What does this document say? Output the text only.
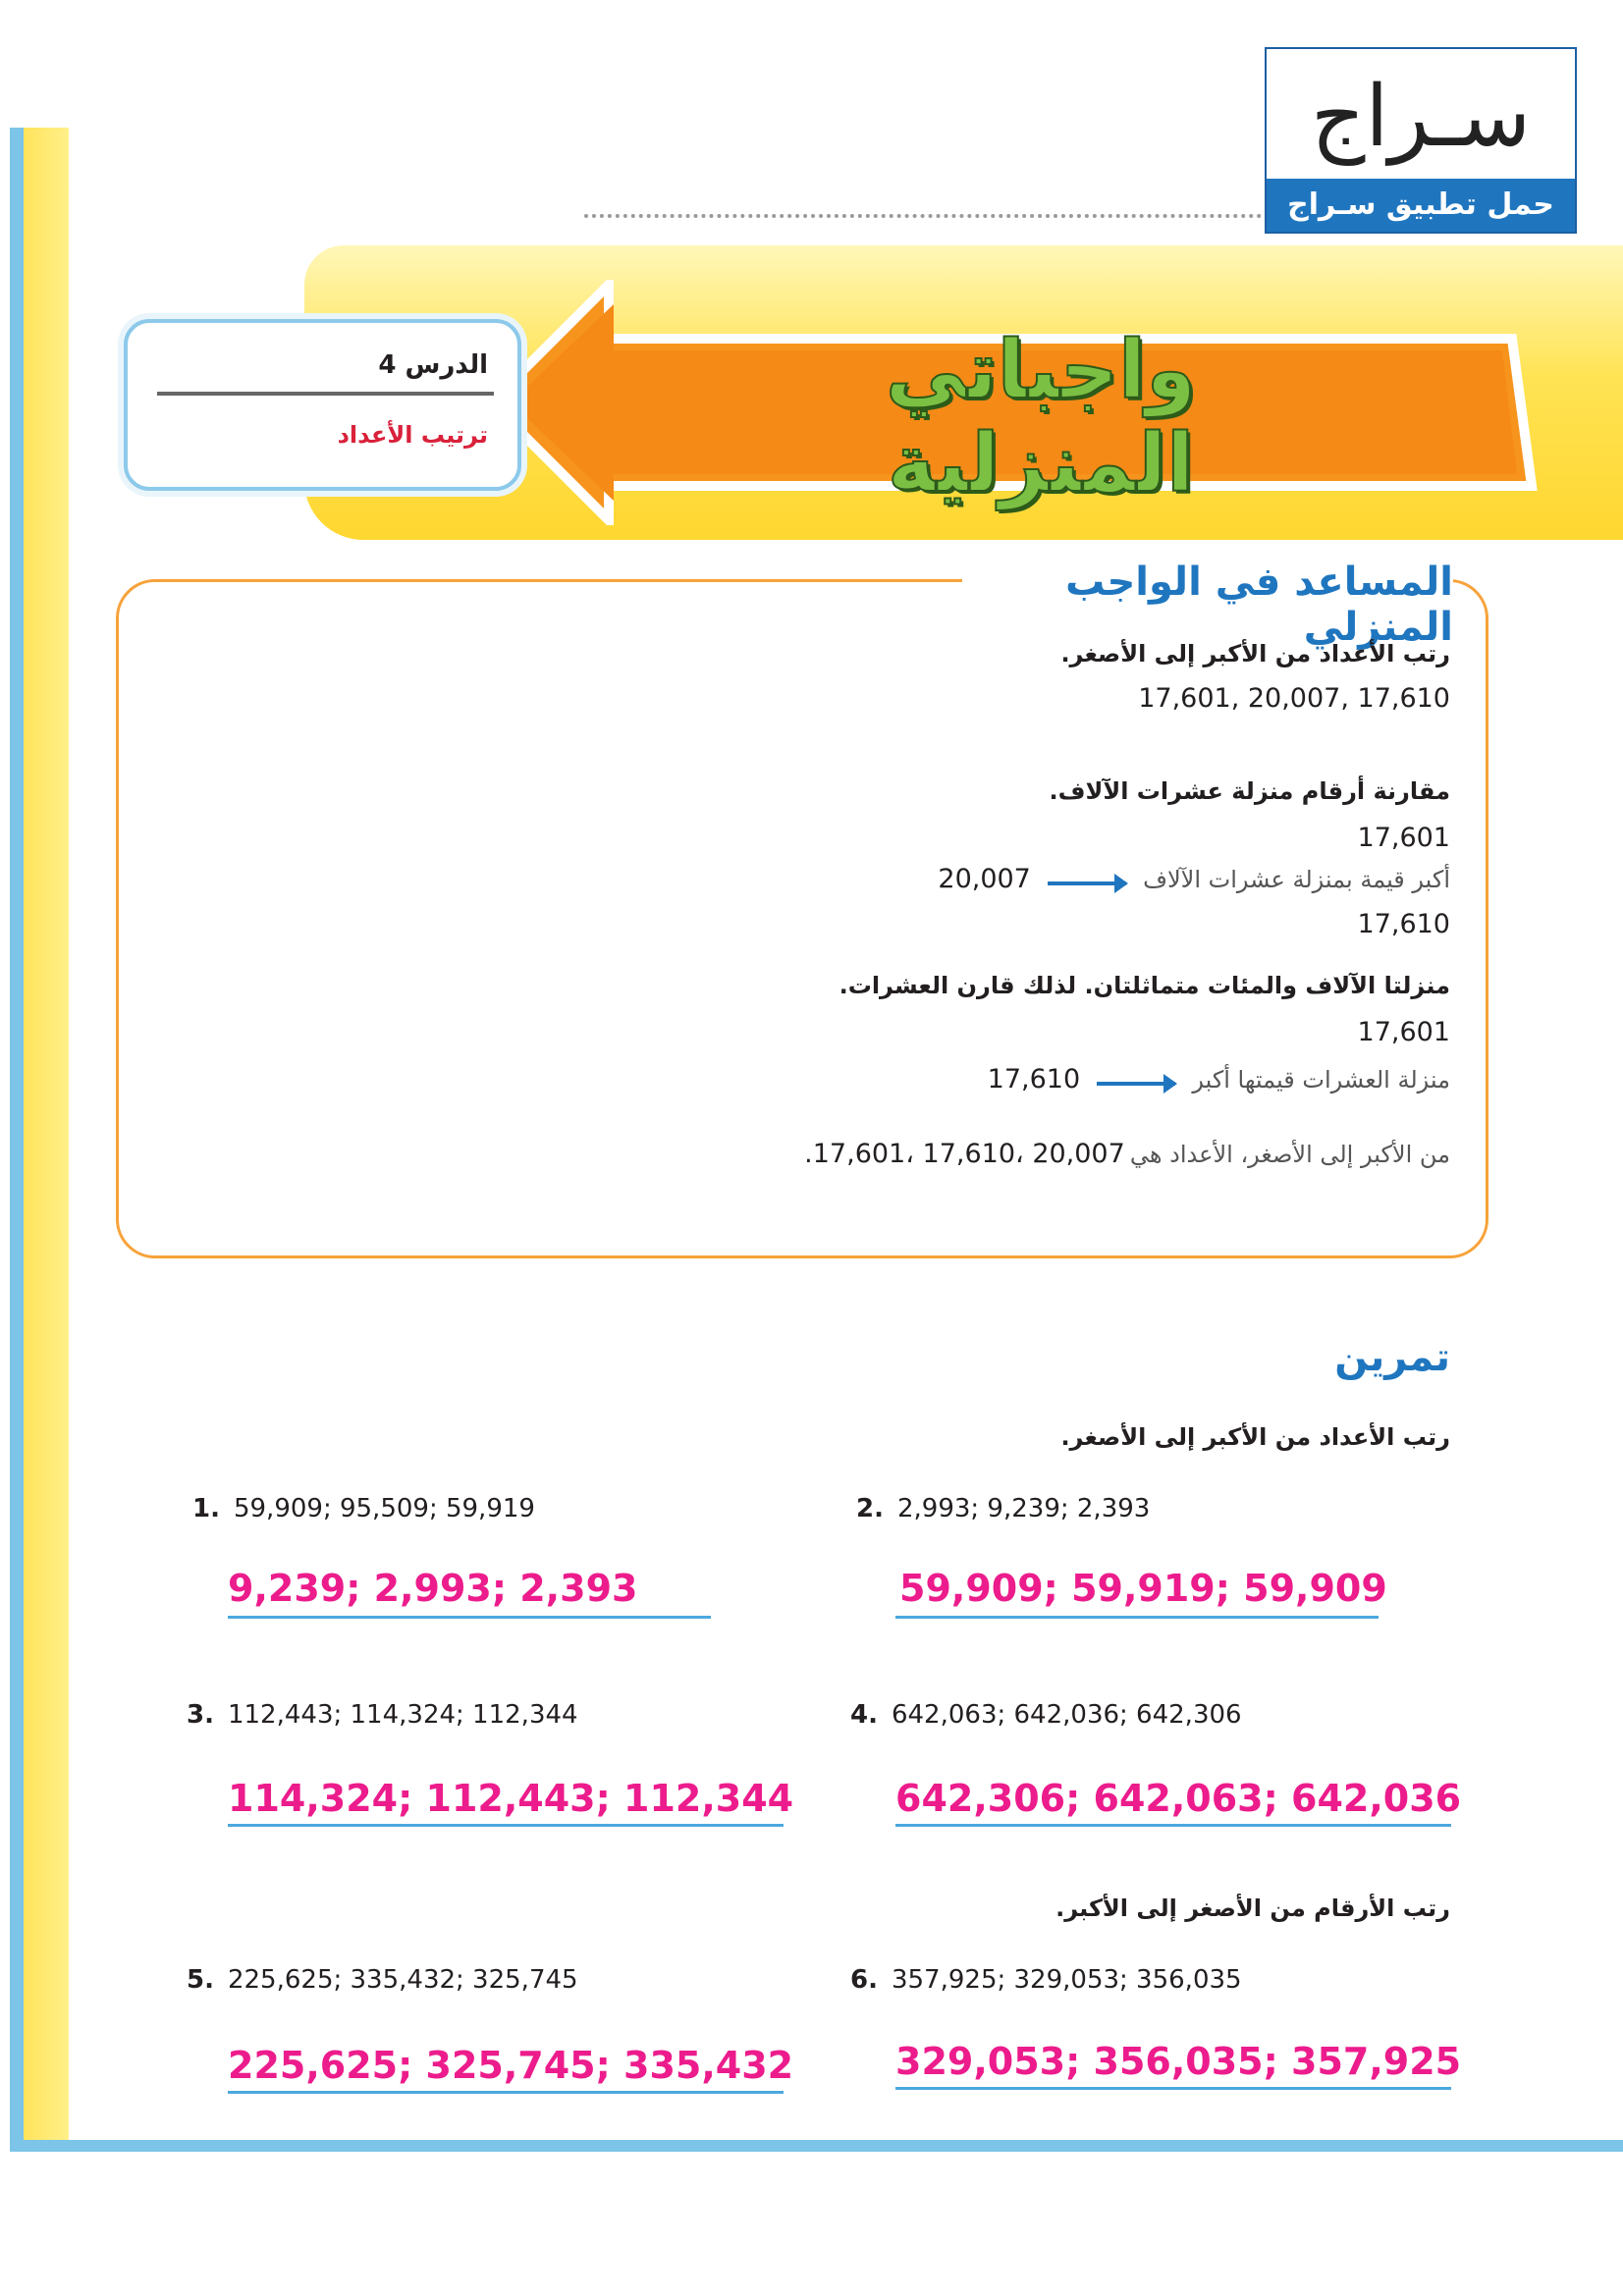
سـراج
حمل تطبيق سـراج
واجباتي المنزلية
الدرس 4
ترتيب الأعداد
المساعد في الواجب المنزلي
رتب الأعداد من الأكبر إلى الأصغر.
17,601, 20,007, 17,610
مقارنة أرقام منزلة عشرات الآلاف.
17,601
أكبر قيمة بمنزلة عشرات الآلاف  20,007
17,610
منزلتا الآلاف والمئات متماثلتان. لذلك قارن العشرات.
17,601
منزلة العشرات قيمتها أكبر  17,610
من الأكبر إلى الأصغر، الأعداد هي 20,007 ،17,610 ،17,601.
تمرين
رتب الأعداد من الأكبر إلى الأصغر.
1. 59,909; 95,509; 59,919
9,239; 2,993; 2,393
2. 2,993; 9,239; 2,393
59,909; 59,919; 59,909
3. 112,443; 114,324; 112,344
114,324; 112,443; 112,344
4. 642,063; 642,036; 642,306
642,306; 642,063; 642,036
رتب الأرقام من الأصغر إلى الأكبر.
5. 225,625; 335,432; 325,745
225,625; 325,745; 335,432
6. 357,925; 329,053; 356,035
329,053; 356,035; 357,925
